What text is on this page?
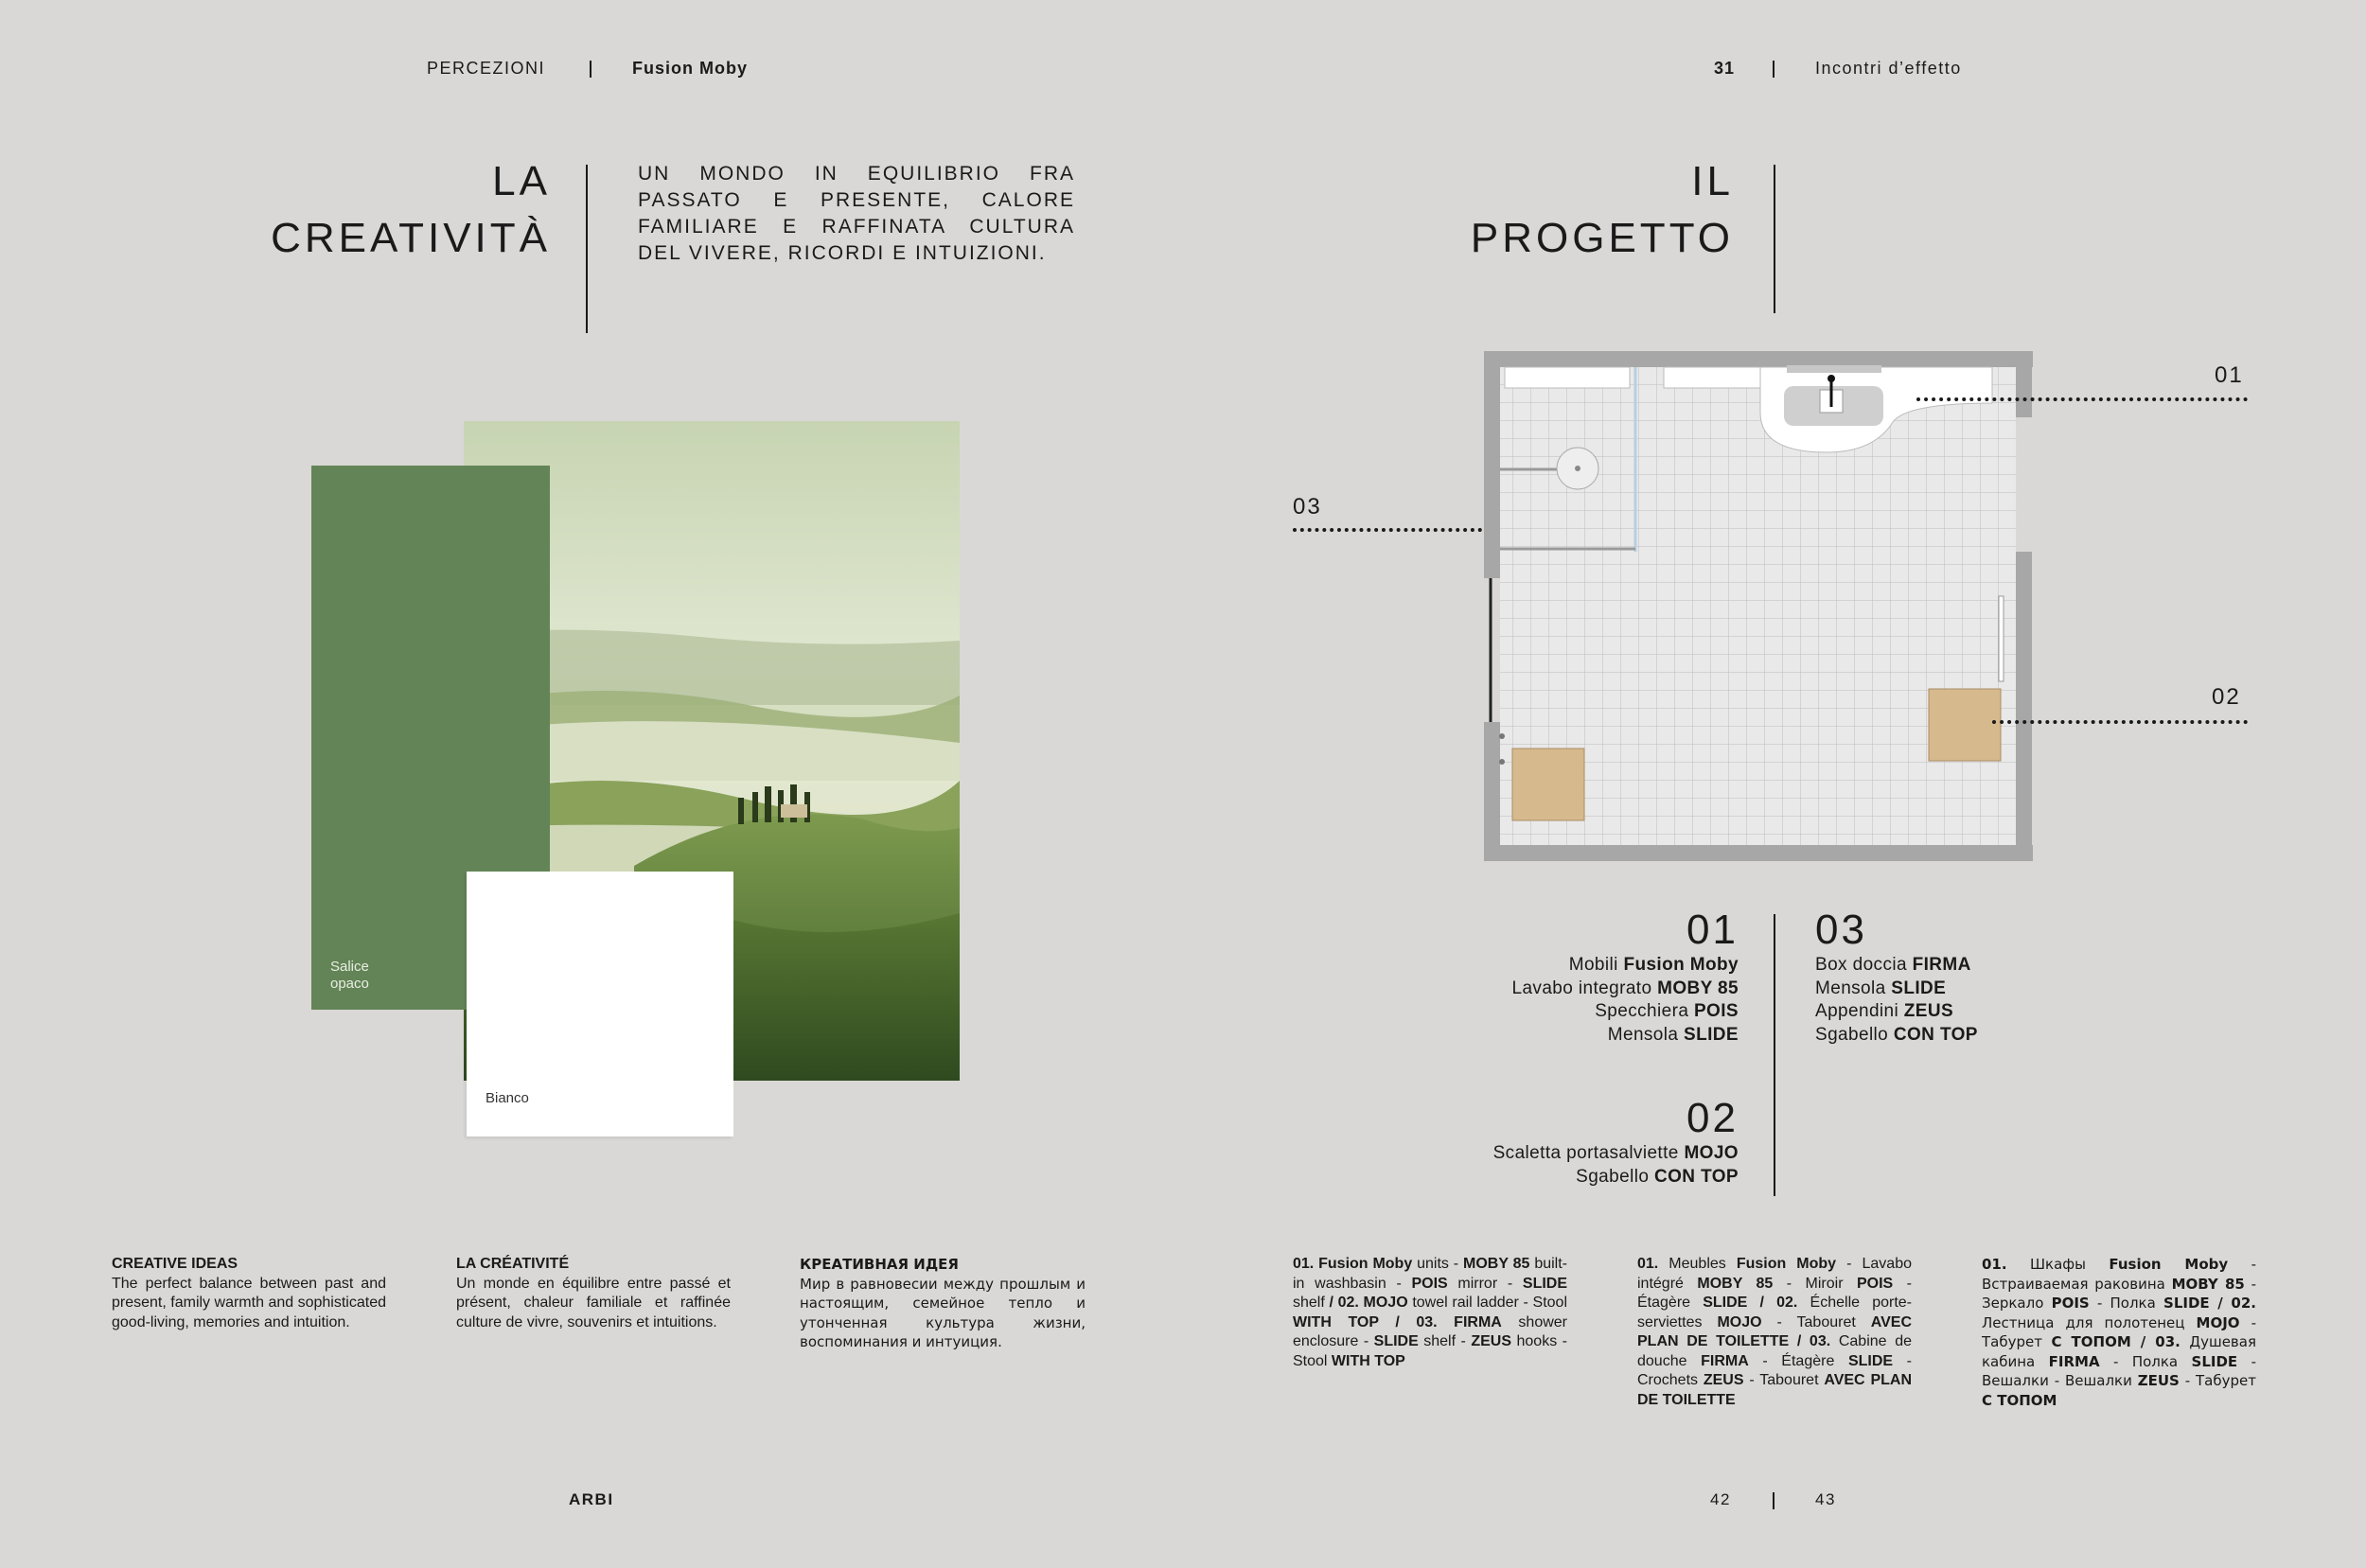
PERCEZIONI	Fusion Moby	31	Incontri d’effetto
LA
CREATIVITÀ
UN MONDO IN EQUILIBRIO FRA PASSATO E PRESENTE, CALORE FAMILIARE E RAFFINATA CULTURA DEL VIVERE, RICORDI E INTUIZIONI.
Salice
opaco
Bianco
IL
PROGETTO
01
03
02
01
Mobili Fusion Moby
Lavabo integrato MOBY 85
Specchiera POIS
Mensola SLIDE
03
Box doccia FIRMA
Mensola SLIDE
Appendini ZEUS
Sgabello CON TOP
02
Scaletta portasalviette MOJO
Sgabello CON TOP
CREATIVE IDEAS
The perfect balance between past and present, family warmth and sophisticated good-living, memories and intuition.
LA CRÉATIVITÉ
Un monde en équilibre entre passé et présent, chaleur familiale et raffinée culture de vivre, souvenirs et intuitions.
КРЕАТИВНАЯ ИДЕЯ
Мир в равновесии между прошлым и настоящим, семейное тепло и утонченная культура жизни, воспоминания и интуиция.
01. Fusion Moby units - MOBY 85 built-in washbasin - POIS mirror - SLIDE shelf / 02. MOJO towel rail ladder - Stool WITH TOP / 03. FIRMA shower enclosure - SLIDE shelf - ZEUS hooks - Stool WITH TOP
01. Meubles Fusion Moby - Lavabo intégré MOBY 85 - Miroir POIS - Étagère SLIDE / 02. Échelle porte-serviettes MOJO - Tabouret AVEC PLAN DE TOILETTE / 03. Cabine de douche FIRMA - Étagère SLIDE - Crochets ZEUS - Tabouret AVEC PLAN DE TOILETTE
01. Шкафы Fusion Moby - Встраиваемая раковина MOBY 85 - Зеркало POIS - Полка SLIDE / 02. Лестница для полотенец MOJO - Табурет С ТОПОМ / 03. Душевая кабина FIRMA - Полка SLIDE - Вешалки - Вешалки ZEUS - Табурет С ТОПОМ
ARBI	42	43
